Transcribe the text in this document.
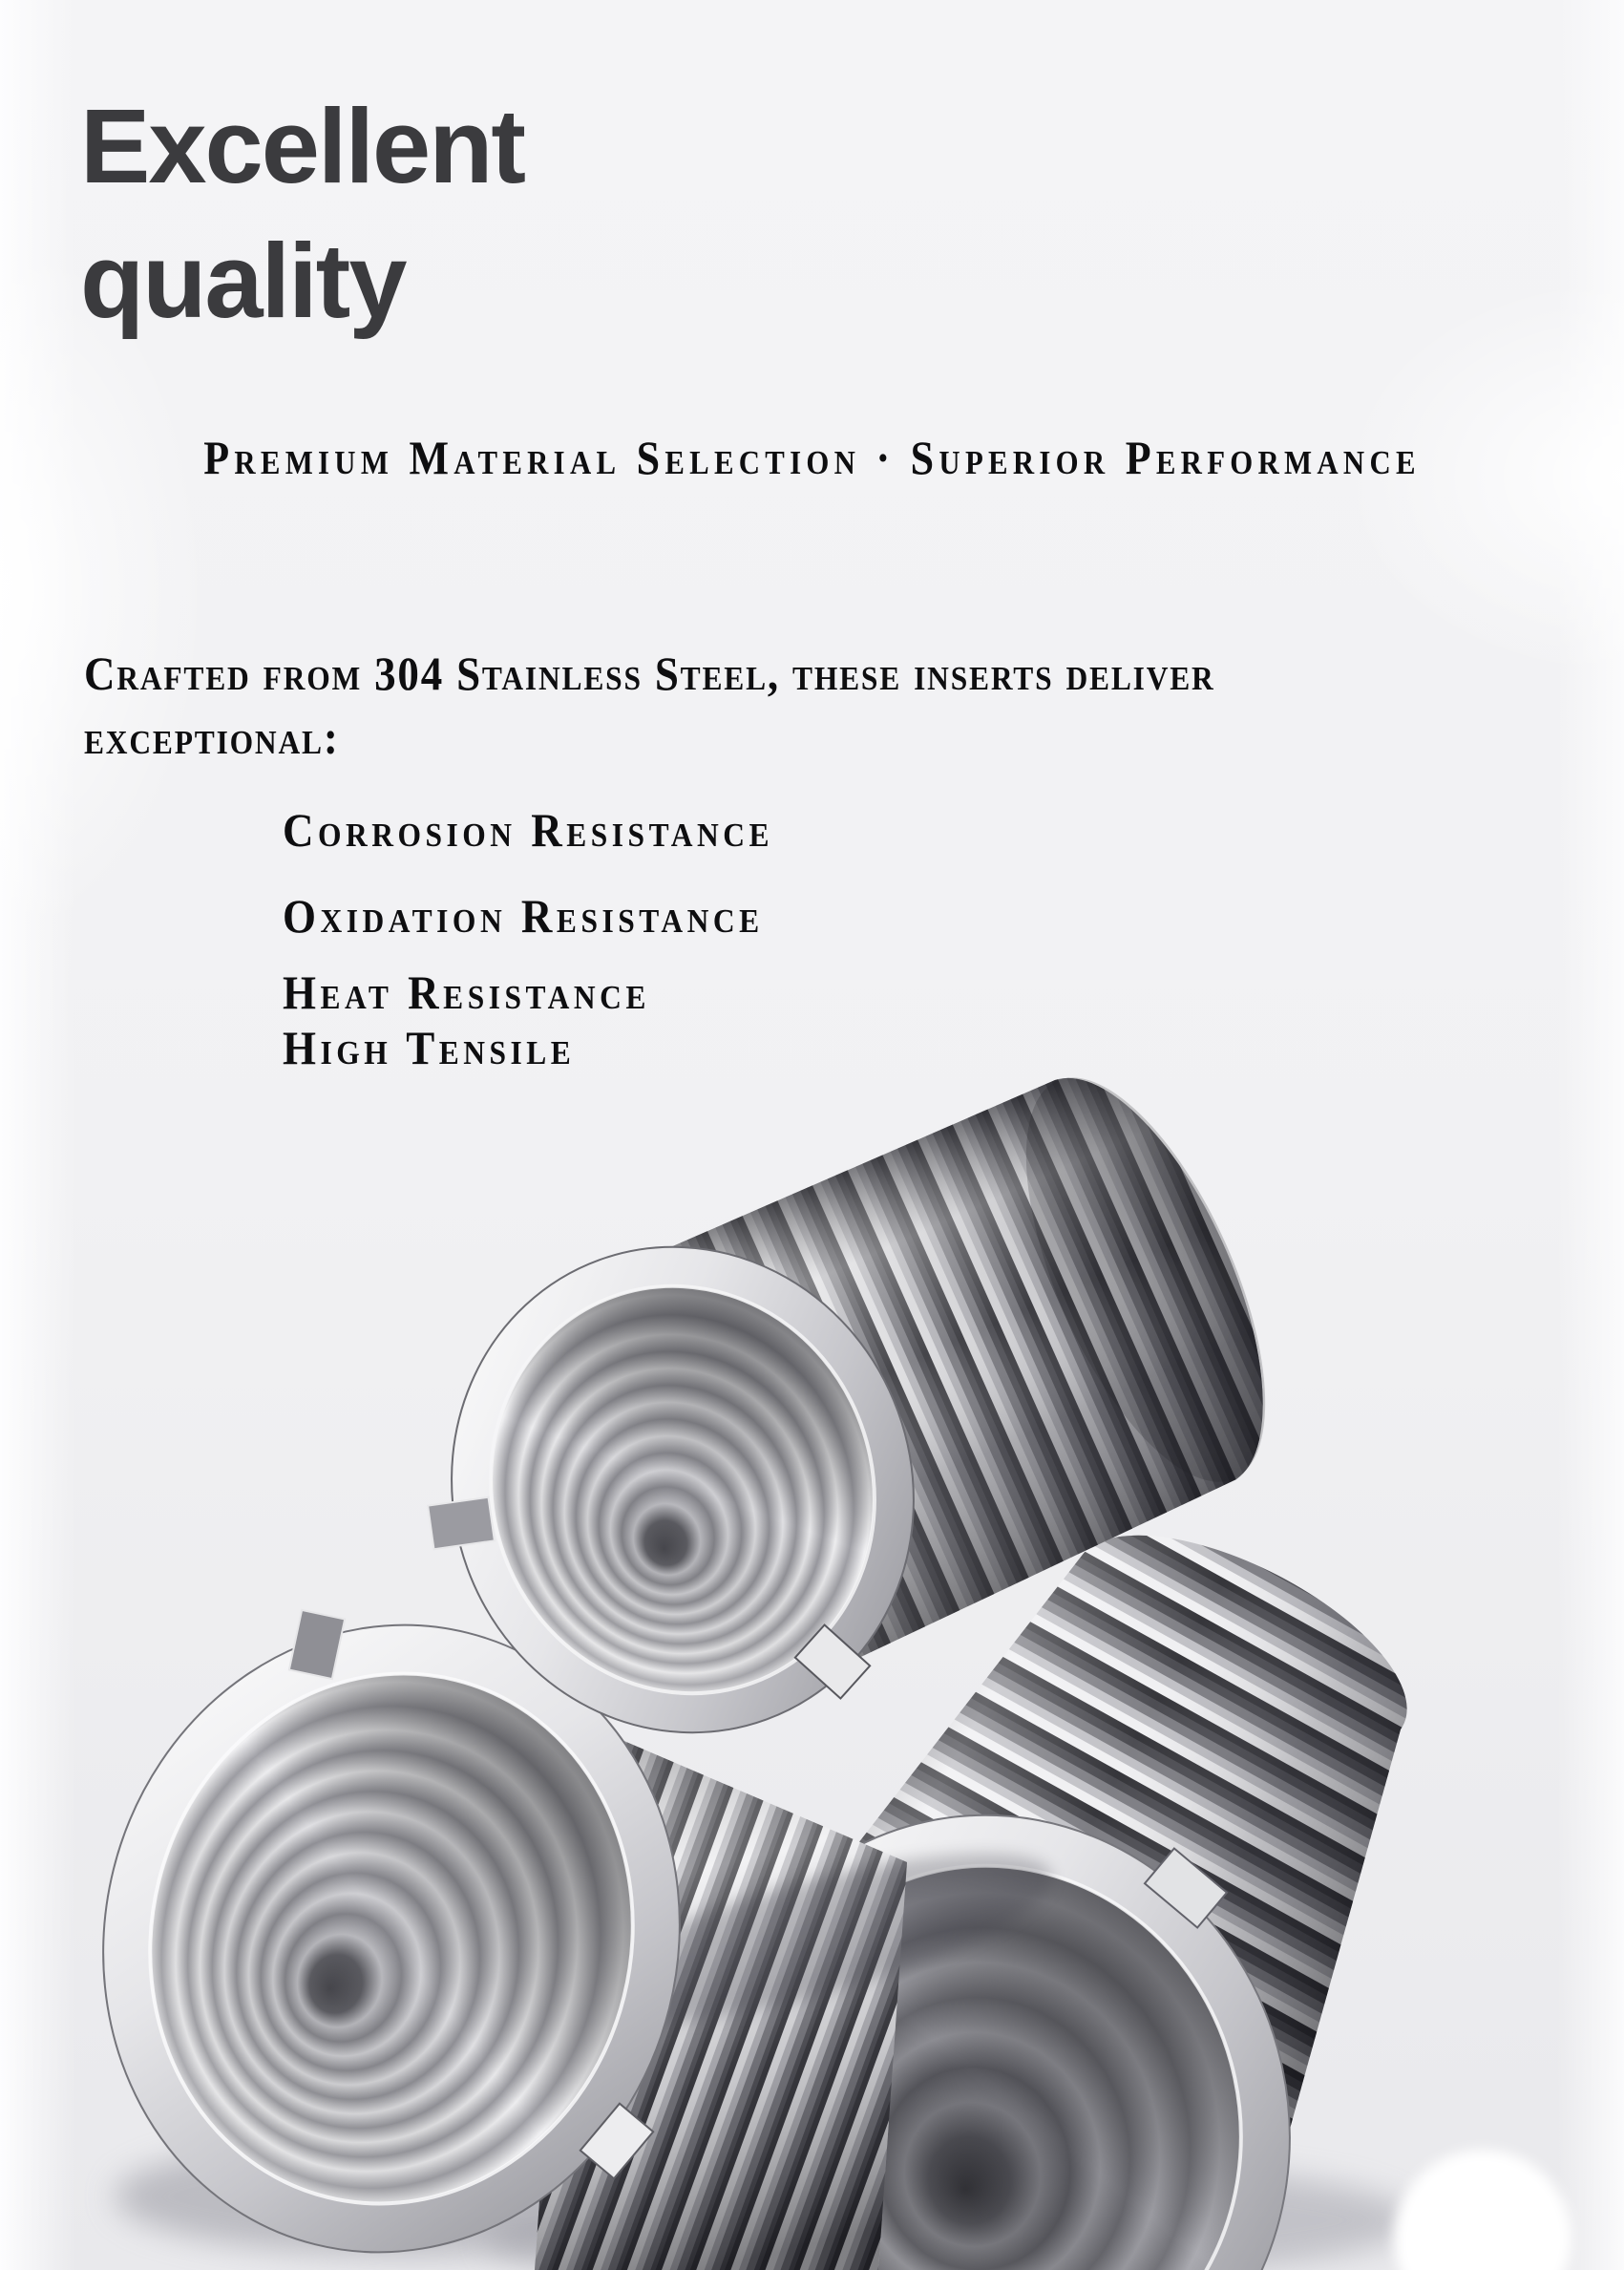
Excellent
quality
Premium Material Selection · Superior Performance
Crafted from 304 Stainless Steel, these inserts deliver
exceptional:
Corrosion Resistance
Oxidation Resistance
Heat Resistance
High Tensile
